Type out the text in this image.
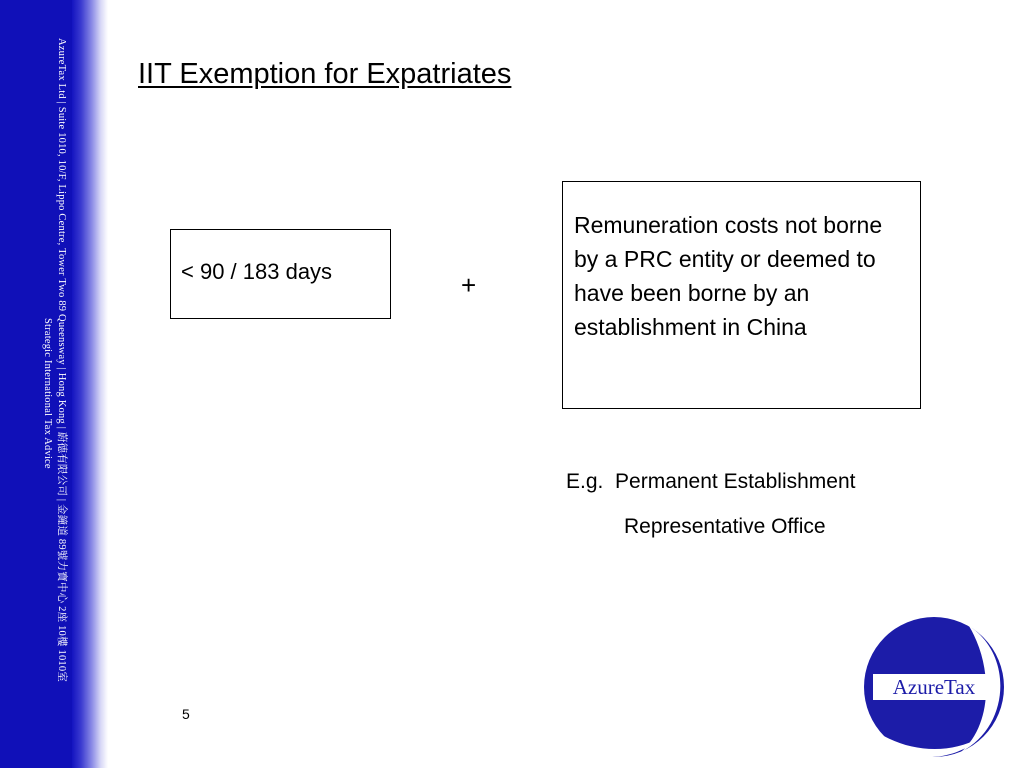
AzureTax Ltd | Suite 1010, 10/F, Lippo Centre, Tower Two 89 Queensway | Hong Kong | 蔚德有限公司 | 金鐘道 89號力寶中心 2座 10樓 1010室
Strategic International Tax Advice
IIT Exemption for Expatriates
< 90 / 183 days	+
Remuneration costs not borne by a PRC entity or deemed to have been borne by an establishment in China
E.g.  Permanent Establishment
Representative Office
5
AzureTax
